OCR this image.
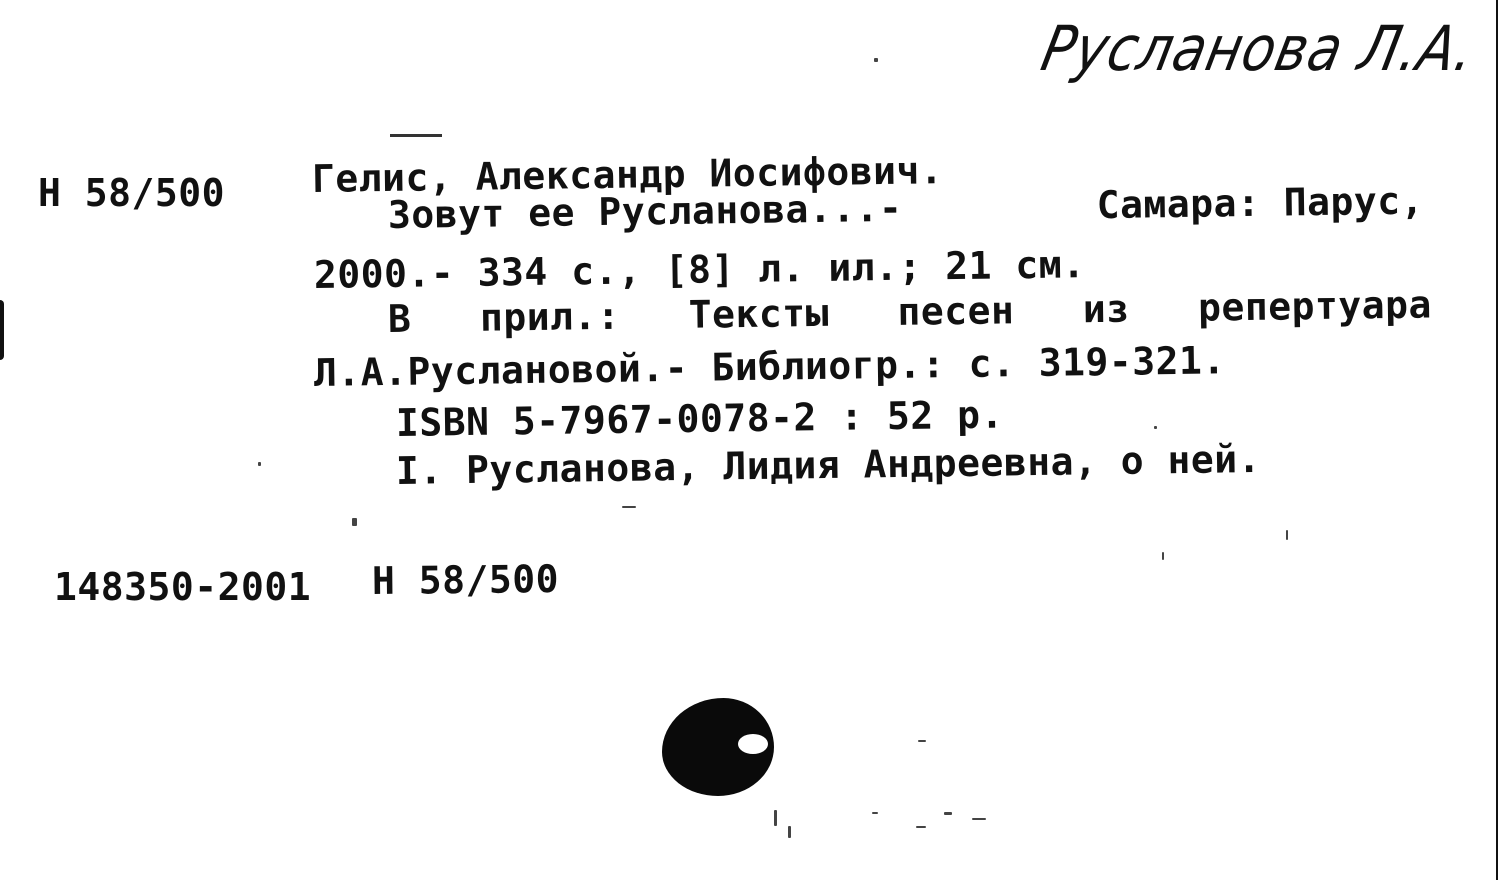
Русланова Л.А.
Н 58/500 Гелис, Александр Иосифович.
Зовут ее Русланова...-	Самара: Парус,
2000.- 334 с., [8] л. ил.; 21 см.
В прил.: Тексты песен из репертуара
Л.А.Руслановой.- Библиогр.: с. 319-321.
ISBN 5-7967-0078-2 : 52 р.
I. Русланова, Лидия Андреевна, о ней.
148350-2001 Н 58/500
